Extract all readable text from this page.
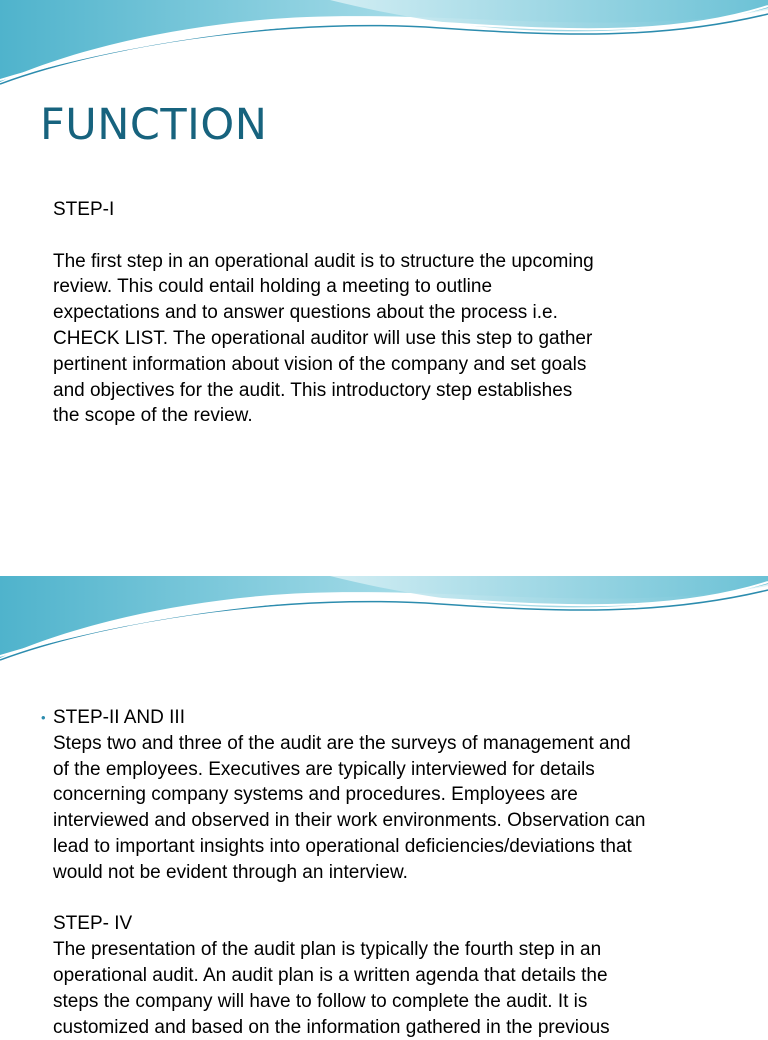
FUNCTION

STEP-I

The first step in an operational audit is to structure the upcoming

review. This could entail holding a meeting to outline

expectations and to answer questions about the process i.e.

CHECK LIST. The operational auditor will use this step to gather

pertinent information about vision of the company and set goals

and objectives for the audit. This introductory step establishes

the scope of the review.

• STEP-II AND III

Steps two and three of the audit are the surveys of management and

of the employees. Executives are typically interviewed for details

concerning company systems and procedures. Employees are

interviewed and observed in their work environments. Observation can

lead to important insights into operational deficiencies/deviations that

would not be evident through an interview.

STEP- IV

The presentation of the audit plan is typically the fourth step in an

operational audit. An audit plan is a written agenda that details the

steps the company will have to follow to complete the audit. It is

customized and based on the information gathered in the previous
